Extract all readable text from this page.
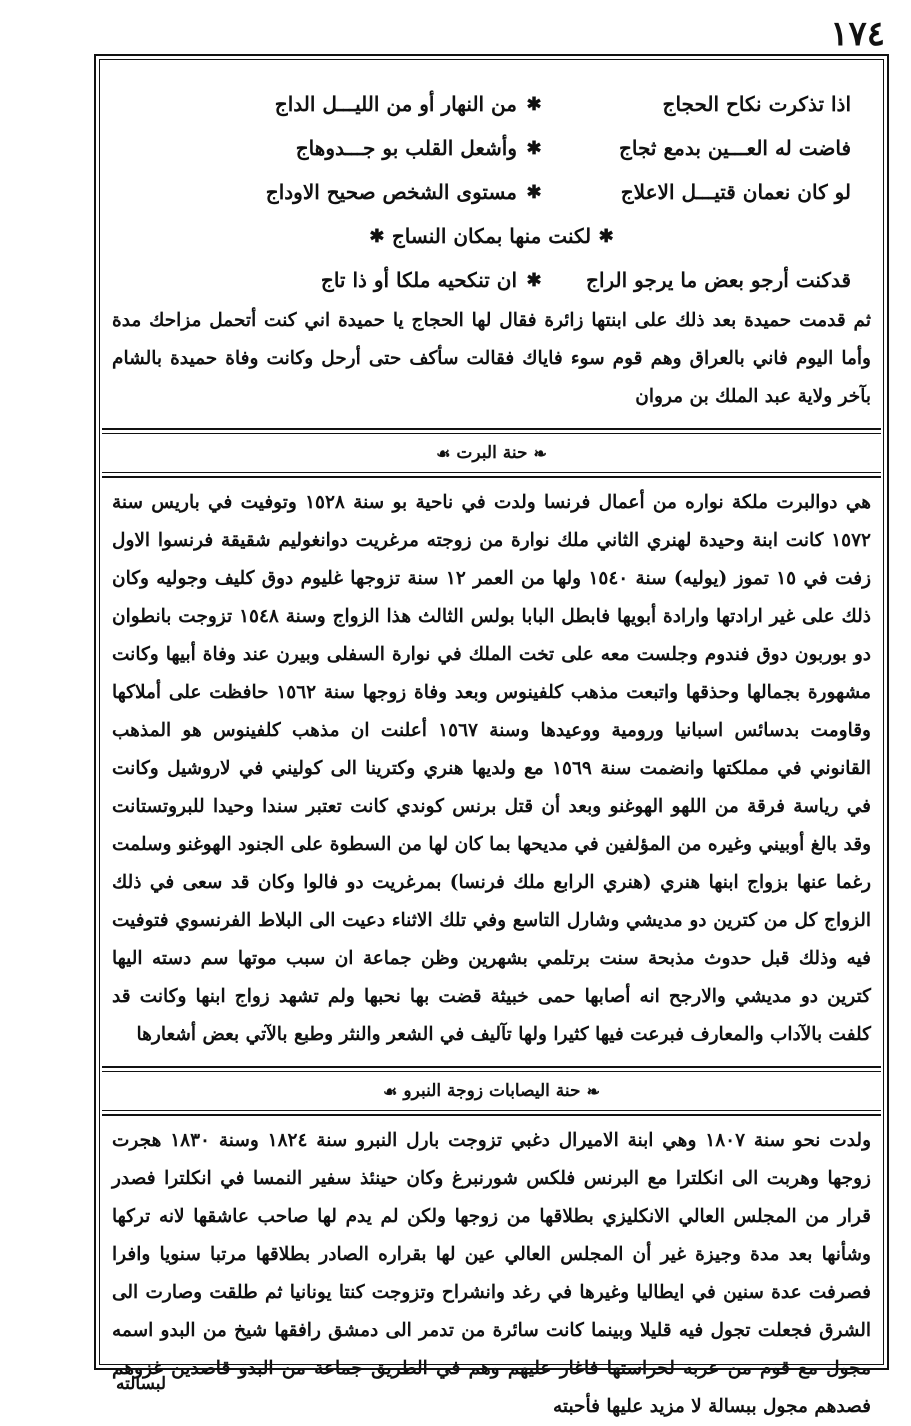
١٧٤
اذا تذكرت نكاح الحجاج
✱
من النهار أو من الليـــل الداج
فاضت له العـــين بدمع ثجاج
✱
وأشعل القلب بو جـــدوهاج
لو كان نعمان قتيـــل الاعلاج
✱
مستوى الشخص صحيح الاوداج
✱
لكنت منها بمكان النساج
✱
قدكنت أرجو بعض ما يرجو الراج
✱
ان تنكحيه ملكا أو ذا تاج

ثم قدمت حميدة بعد ذلك على ابنتها زائرة فقال لها الحجاج يا حميدة اني كنت أتحمل مزاحك مدة وأما اليوم فاني بالعراق وهم قوم سوء فاياك فقالت سأكف حتى أرحل وكانت وفاة حميدة بالشام بآخر ولاية عبد الملك بن مروان

❧
حنة البرت
☙

هي دوالبرت ملكة نواره من أعمال فرنسا ولدت في ناحية بو سنة ١٥٢٨ وتوفيت في باريس سنة ١٥٧٢ كانت ابنة وحيدة لهنري الثاني ملك نوارة من زوجته مرغريت دوانغوليم شقيقة فرنسوا الاول زفت في ١٥ تموز (يوليه) سنة ١٥٤٠ ولها من العمر ١٢ سنة تزوجها غليوم دوق كليف وجوليه وكان ذلك على غير ارادتها وارادة أبويها فابطل البابا بولس الثالث هذا الزواج وسنة ١٥٤٨ تزوجت بانطوان دو بوربون دوق فندوم وجلست معه على تخت الملك في نوارة السفلى وبيرن عند وفاة أبيها وكانت مشهورة بجمالها وحذقها واتبعت مذهب كلفينوس وبعد وفاة زوجها سنة ١٥٦٢ حافظت على أملاكها وقاومت بدسائس اسبانيا ورومية ووعيدها وسنة ١٥٦٧ أعلنت ان مذهب كلفينوس هو المذهب القانوني في مملكتها وانضمت سنة ١٥٦٩ مع ولديها هنري وكترينا الى كوليني في لاروشيل وكانت في رياسة فرقة من اللهو الهوغنو وبعد أن قتل برنس كوندي كانت تعتبر سندا وحيدا للبروتستانت وقد بالغ أوبيني وغيره من المؤلفين في مديحها بما كان لها من السطوة على الجنود الهوغنو وسلمت رغما عنها بزواج ابنها هنري (هنري الرابع ملك فرنسا) بمرغريت دو فالوا وكان قد سعى في ذلك الزواج كل من كترين دو مديشي وشارل التاسع وفي تلك الاثناء دعيت الى البلاط الفرنسوي فتوفيت فيه وذلك قبل حدوث مذبحة سنت برتلمي بشهرين وظن جماعة ان سبب موتها سم دسته اليها كترين دو مديشي والارجح انه أصابها حمى خبيثة قضت بها نحبها ولم تشهد زواج ابنها وكانت قد كلفت بالآداب والمعارف فبرعت فيها كثيرا ولها تآليف في الشعر والنثر وطبع بالآتي بعض أشعارها

❧
حنة اليصابات زوجة النبرو
☙

ولدت نحو سنة ١٨٠٧ وهي ابنة الاميرال دغبي تزوجت بارل النبرو سنة ١٨٢٤ وسنة ١٨٣٠ هجرت زوجها وهربت الى انكلترا مع البرنس فلكس شورنبرغ وكان حينئذ سفير النمسا في انكلترا فصدر قرار من المجلس العالي الانكليزي بطلاقها من زوجها ولكن لم يدم لها صاحب عاشقها لانه تركها وشأنها بعد مدة وجيزة غير أن المجلس العالي عين لها بقراره الصادر بطلاقها مرتبا سنويا وافرا فصرفت عدة سنين في ايطاليا وغيرها في رغد وانشراح وتزوجت كنتا يونانيا ثم طلقت وصارت الى الشرق فجعلت تجول فيه قليلا وبينما كانت سائرة من تدمر الى دمشق رافقها شيخ من البدو اسمه مجول مع قوم من عربه لحراستها فاغار عليهم وهم في الطريق جماعة من البدو قاصدين غزوهم فصدهم مجول ببسالة لا مزيد عليها فأحبته

لبسالته
